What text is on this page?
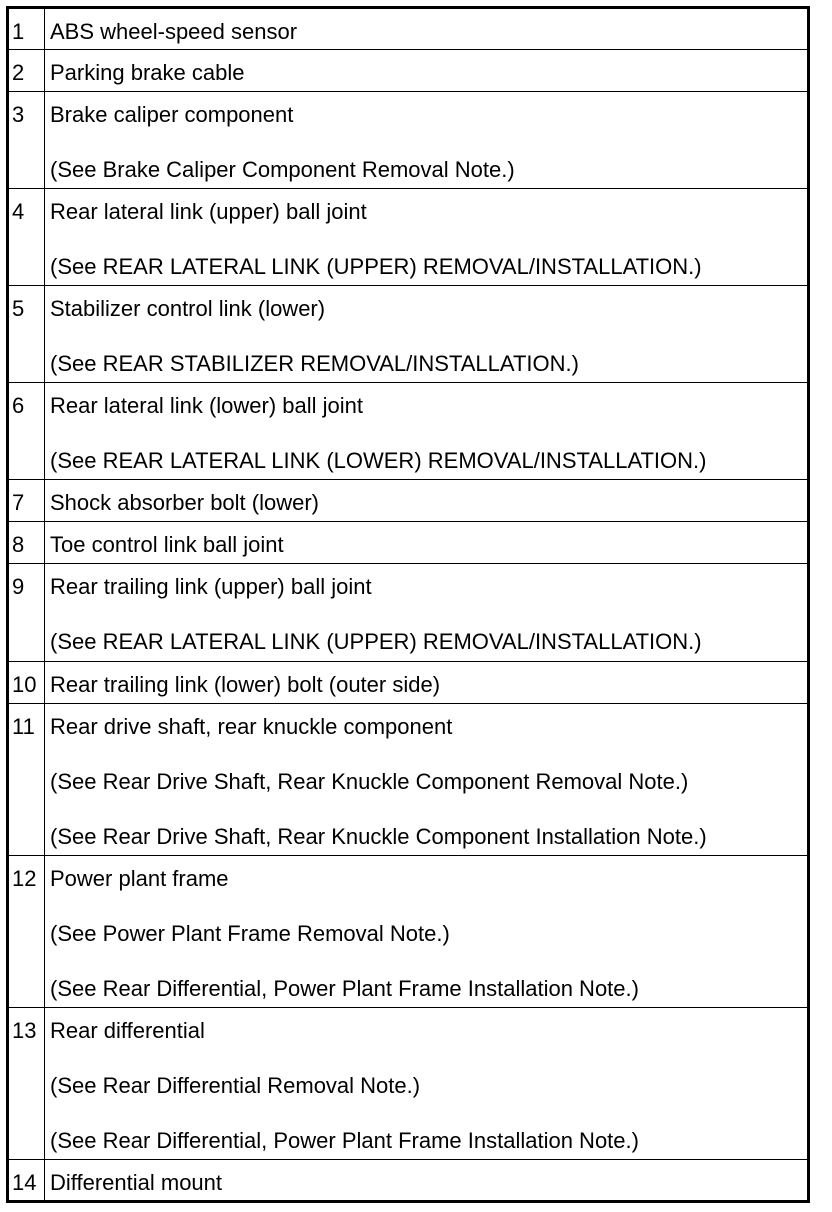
1	ABS wheel-speed sensor

2	Parking brake cable

3	Brake caliper component
(See Brake Caliper Component Removal Note.)

4	Rear lateral link (upper) ball joint
(See REAR LATERAL LINK (UPPER) REMOVAL/INSTALLATION.)

5	Stabilizer control link (lower)
(See REAR STABILIZER REMOVAL/INSTALLATION.)

6	Rear lateral link (lower) ball joint
(See REAR LATERAL LINK (LOWER) REMOVAL/INSTALLATION.)

7	Shock absorber bolt (lower)

8	Toe control link ball joint

9	Rear trailing link (upper) ball joint
(See REAR LATERAL LINK (UPPER) REMOVAL/INSTALLATION.)

10	Rear trailing link (lower) bolt (outer side)

11	Rear drive shaft, rear knuckle component
(See Rear Drive Shaft, Rear Knuckle Component Removal Note.)
(See Rear Drive Shaft, Rear Knuckle Component Installation Note.)

12	Power plant frame
(See Power Plant Frame Removal Note.)
(See Rear Differential, Power Plant Frame Installation Note.)

13	Rear differential
(See Rear Differential Removal Note.)
(See Rear Differential, Power Plant Frame Installation Note.)

14	Differential mount
